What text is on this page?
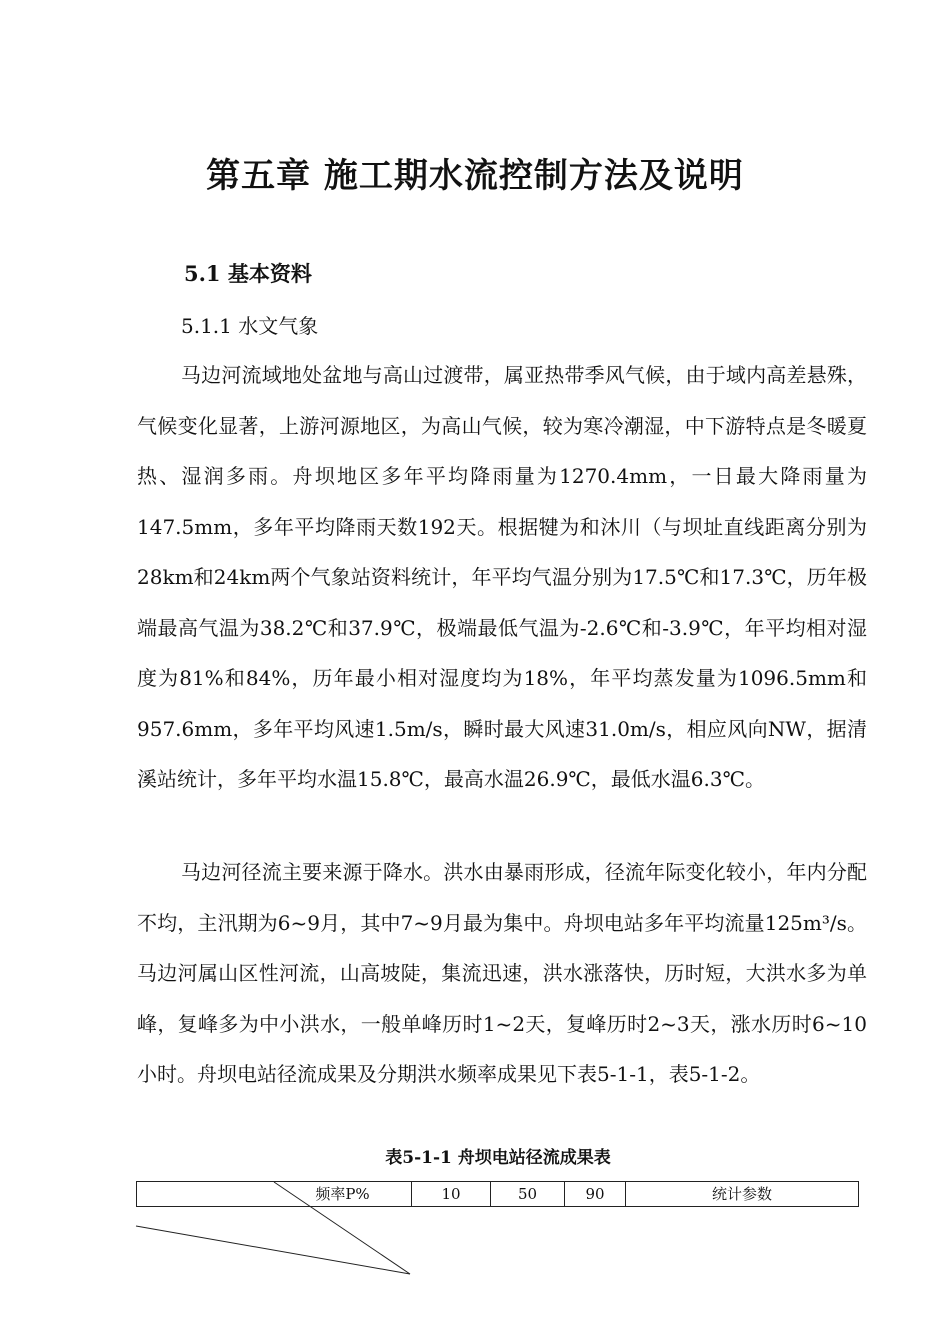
第五章 施工期水流控制方法及说明
5.1 基本资料
5.1.1 水文气象

马边河流域地处盆地与高山过渡带，属亚热带季风气候，由于域内高差悬殊，气候变化显著，上游河源地区，为高山气候，较为寒冷潮湿，中下游特点是冬暖夏热、湿润多雨。舟坝地区多年平均降雨量为1270.4mm，一日最大降雨量为147.5mm，多年平均降雨天数192天。根据犍为和沐川（与坝址直线距离分别为28km和24km两个气象站资料统计，年平均气温分别为17.5℃和17.3℃，历年极端最高气温为38.2℃和37.9℃，极端最低气温为-2.6℃和-3.9℃，年平均相对湿度为81%和84%，历年最小相对湿度均为18%，年平均蒸发量为1096.5mm和957.6mm，多年平均风速1.5m/s，瞬时最大风速31.0m/s，相应风向NW，据清溪站统计，多年平均水温15.8℃，最高水温26.9℃，最低水温6.3℃。

马边河径流主要来源于降水。洪水由暴雨形成，径流年际变化较小，年内分配不均，主汛期为6~9月，其中7~9月最为集中。舟坝电站多年平均流量125m³/s。马边河属山区性河流，山高坡陡，集流迅速，洪水涨落快，历时短，大洪水多为单峰，复峰多为中小洪水，一般单峰历时1~2天，复峰历时2~3天，涨水历时6~10小时。舟坝电站径流成果及分期洪水频率成果见下表5-1-1，表5-1-2。

表5-1-1 舟坝电站径流成果表
频率P%	10	50	90	统计参数
